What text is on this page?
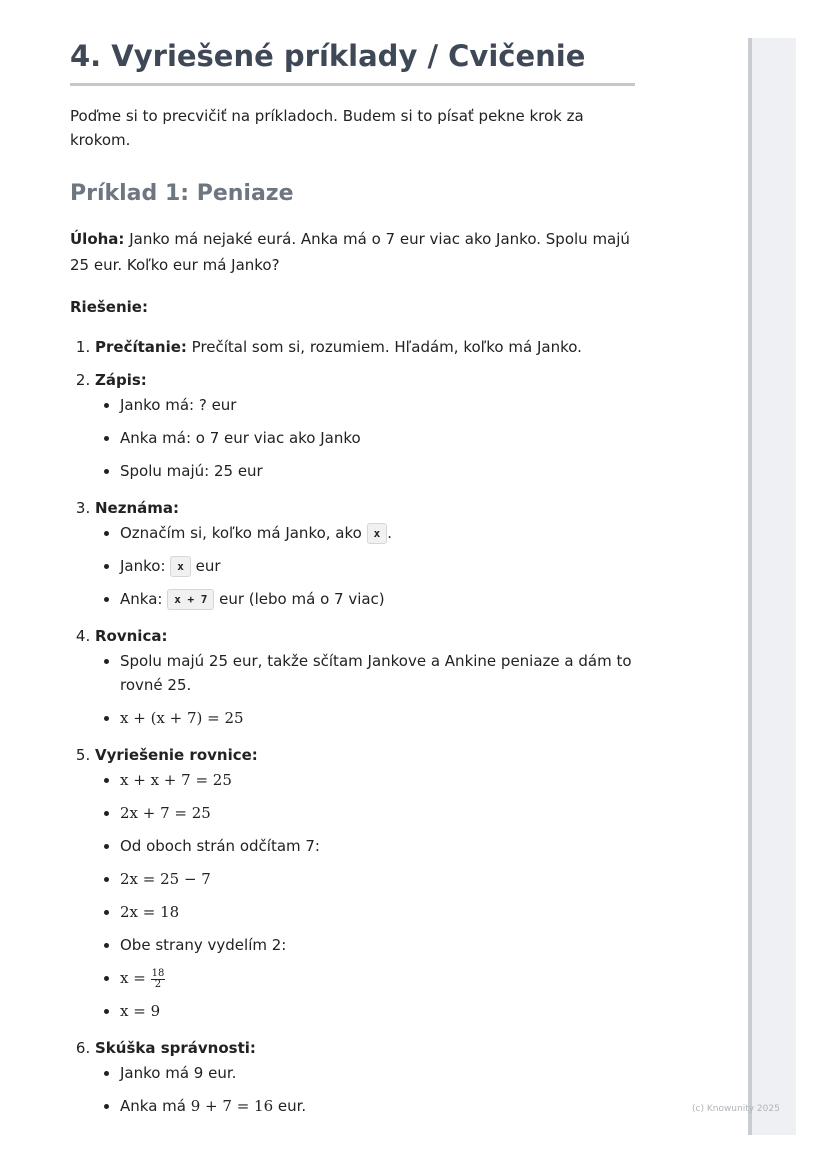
4. Vyriešené príklady / Cvičenie

Poďme si to precvičiť na príkladoch. Budem si to písať pekne krok za krokom.

Príklad 1: Peniaze

Úloha: Janko má nejaké eurá. Anka má o 7 eur viac ako Janko. Spolu majú 25 eur. Koľko eur má Janko?

Riešenie:

1. Prečítanie: Prečítal som si, rozumiem. Hľadám, koľko má Janko.
2. Zápis:
• Janko má: ? eur
• Anka má: o 7 eur viac ako Janko
• Spolu majú: 25 eur
3. Neznáma:
• Označím si, koľko má Janko, ako x .
• Janko: x eur
• Anka: x + 7 eur (lebo má o 7 viac)
4. Rovnica:
• Spolu majú 25 eur, takže sčítam Jankove a Ankine peniaze a dám to rovné 25.
• x + (x + 7) = 25
5. Vyriešenie rovnice:
• x + x + 7 = 25
• 2x + 7 = 25
• Od oboch strán odčítam 7:
• 2x = 25 − 7
• 2x = 18
• Obe strany vydelím 2:
• $x = \frac{18}{2}$
• x = 9
6. Skúška správnosti:
• Janko má 9 eur.
• Anka má 9 + 7 = 16 eur.	(c) Knowunity 2025
